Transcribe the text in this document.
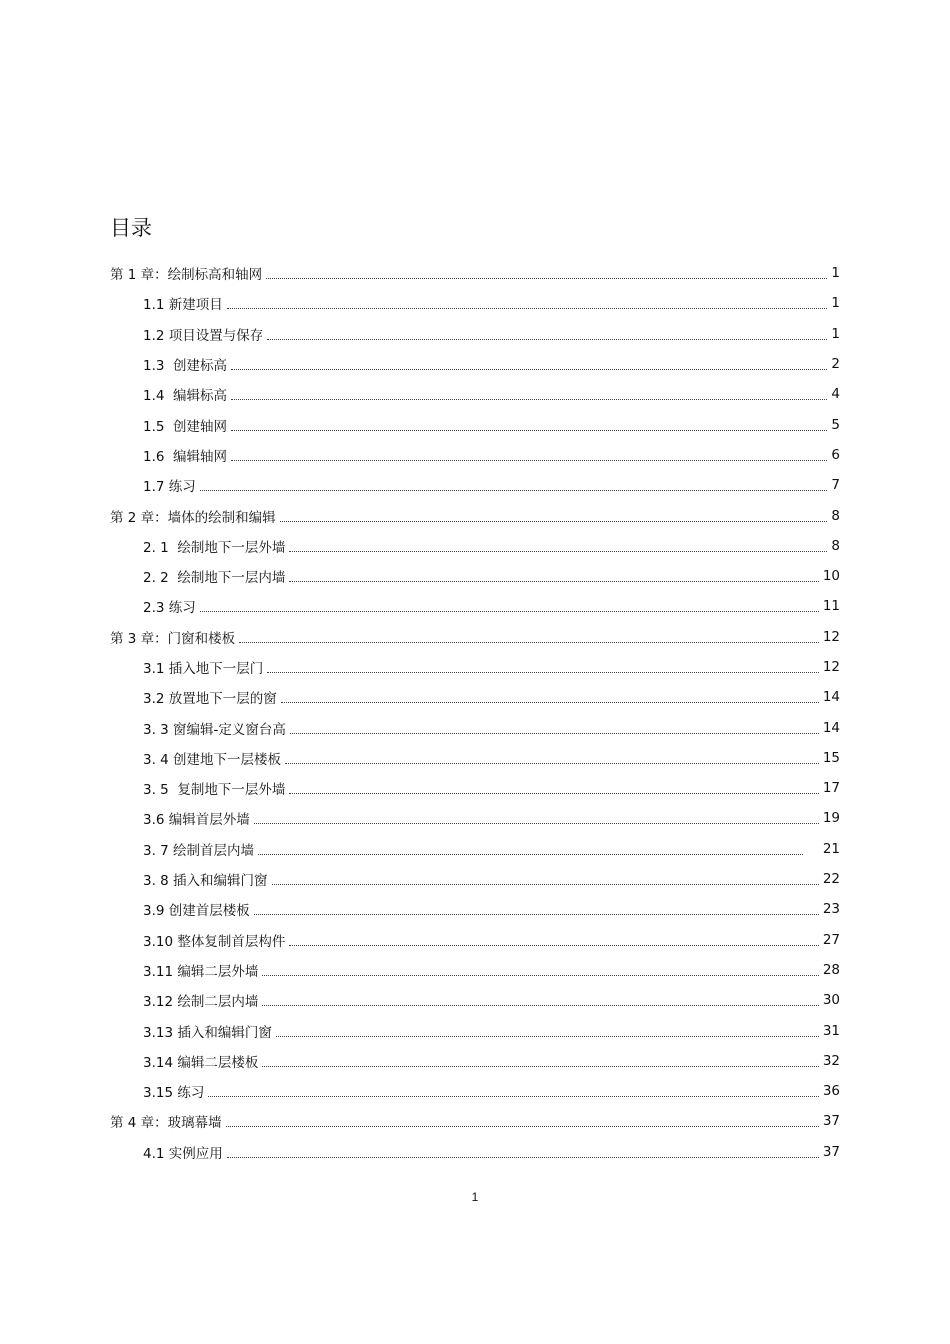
目录
第 1 章：绘制标高和轴网	1
1.1 新建项目	1
1.2 项目设置与保存	1
1.3  创建标高	2
1.4  编辑标高	4
1.5  创建轴网	5
1.6  编辑轴网	6
1.7 练习	7
第 2 章：墙体的绘制和编辑	8
2. 1  绘制地下一层外墙	8
2. 2  绘制地下一层内墙	10
2.3 练习	11
第 3 章：门窗和楼板	12
3.1 插入地下一层门	12
3.2 放置地下一层的窗	14
3. 3 窗编辑-定义窗台高	14
3. 4 创建地下一层楼板	15
3. 5  复制地下一层外墙	17
3.6 编辑首层外墙	19
3. 7 绘制首层内墙	21
3. 8 插入和编辑门窗	22
3.9 创建首层楼板	23
3.10 整体复制首层构件	27
3.11 编辑二层外墙	28
3.12 绘制二层内墙	30
3.13 插入和编辑门窗	31
3.14 编辑二层楼板	32
3.15 练习	36
第 4 章：玻璃幕墙	37
4.1 实例应用	37
1
